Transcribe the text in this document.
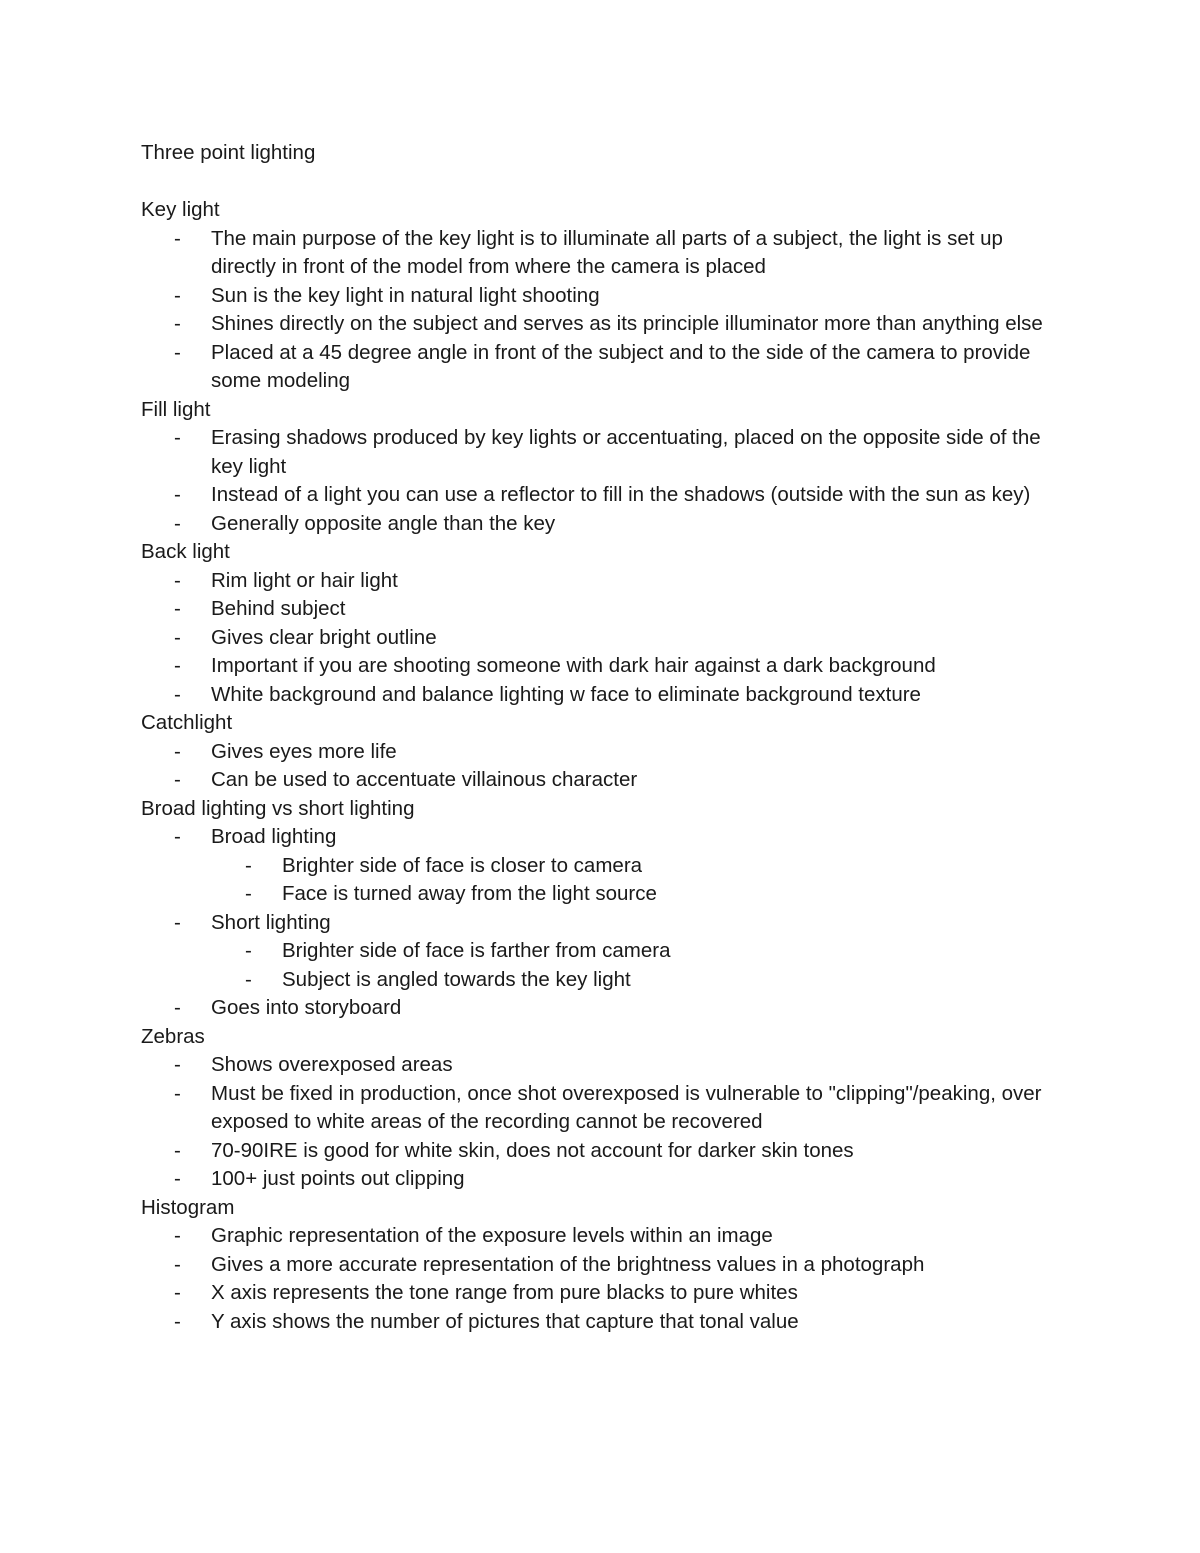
Three point lighting

Key light

- The main purpose of the key light is to illuminate all parts of a subject, the light is set up directly in front of the model from where the camera is placed
- Sun is the key light in natural light shooting
- Shines directly on the subject and serves as its principle illuminator more than anything else
- Placed at a 45 degree angle in front of the subject and to the side of the camera to provide some modeling

Fill light

- Erasing shadows produced by key lights or accentuating, placed on the opposite side of the key light
- Instead of a light you can use a reflector to fill in the shadows (outside with the sun as key)
- Generally opposite angle than the key

Back light

- Rim light or hair light
- Behind subject
- Gives clear bright outline
- Important if you are shooting someone with dark hair against a dark background
- White background and balance lighting w face to eliminate background texture

Catchlight

- Gives eyes more life
- Can be used to accentuate villainous character

Broad lighting vs short lighting

- Broad lighting
- Brighter side of face is closer to camera
- Face is turned away from the light source
- Short lighting
- Brighter side of face is farther from camera
- Subject is angled towards the key light
- Goes into storyboard

Zebras

- Shows overexposed areas
- Must be fixed in production, once shot overexposed is vulnerable to "clipping"/peaking, over exposed to white areas of the recording cannot be recovered
- 70-90IRE is good for white skin, does not account for darker skin tones
- 100+ just points out clipping

Histogram

- Graphic representation of the exposure levels within an image
- Gives a more accurate representation of the brightness values in a photograph
- X axis represents the tone range from pure blacks to pure whites
- Y axis shows the number of pictures that capture that tonal value
